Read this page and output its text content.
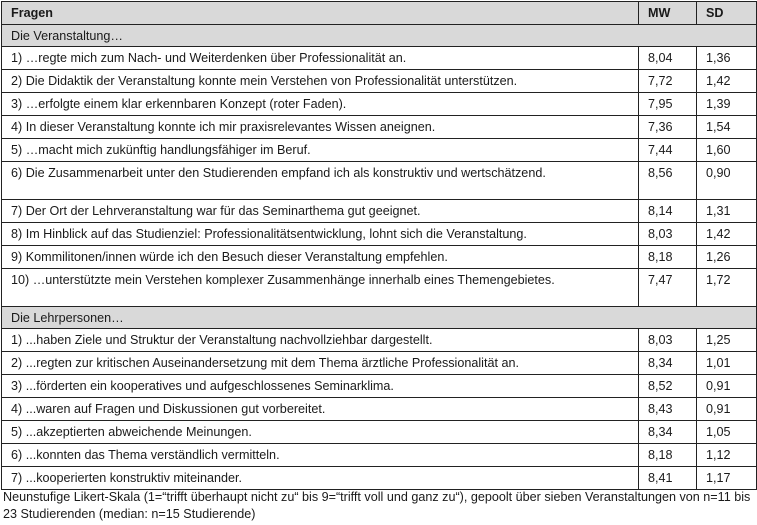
Fragen	MW	SD
Die Veranstaltung…		
1) …regte mich zum Nach- und Weiterdenken über Professionalität an.	8,04	1,36
2) Die Didaktik der Veranstaltung konnte mein Verstehen von Professionalität unterstützen.	7,72	1,42
3) …erfolgte einem klar erkennbaren Konzept (roter Faden).	7,95	1,39
4) In dieser Veranstaltung konnte ich mir praxisrelevantes Wissen aneignen.	7,36	1,54
5) …macht mich zukünftig handlungsfähiger im Beruf.	7,44	1,60
6) Die Zusammenarbeit unter den Studierenden empfand ich als konstruktiv und wertschätzend.	8,56	0,90
7) Der Ort der Lehrveranstaltung war für das Seminarthema gut geeignet.	8,14	1,31
8) Im Hinblick auf das Studienziel: Professionalitätsentwicklung, lohnt sich die Veranstaltung.	8,03	1,42
9) Kommilitonen/innen würde ich den Besuch dieser Veranstaltung empfehlen.	8,18	1,26
10) …unterstützte mein Verstehen komplexer Zusammenhänge innerhalb eines Themengebietes.	7,47	1,72
Die Lehrpersonen…		
1) ...haben Ziele und Struktur der Veranstaltung nachvollziehbar dargestellt.	8,03	1,25
2) ...regten zur kritischen Auseinandersetzung mit dem Thema ärztliche Professionalität an.	8,34	1,01
3) ...förderten ein kooperatives und aufgeschlossenes Seminarklima.	8,52	0,91
4) ...waren auf Fragen und Diskussionen gut vorbereitet.	8,43	0,91
5) ...akzeptierten abweichende Meinungen.	8,34	1,05
6) ...konnten das Thema verständlich vermitteln.	8,18	1,12
7) ...kooperierten konstruktiv miteinander.	8,41	1,17
Neunstufige Likert-Skala (1=“trifft überhaupt nicht zu“ bis 9=“trifft voll und ganz zu“), gepoolt über sieben Veranstaltungen von n=11 bis 23 Studierenden (median: n=15 Studierende)
